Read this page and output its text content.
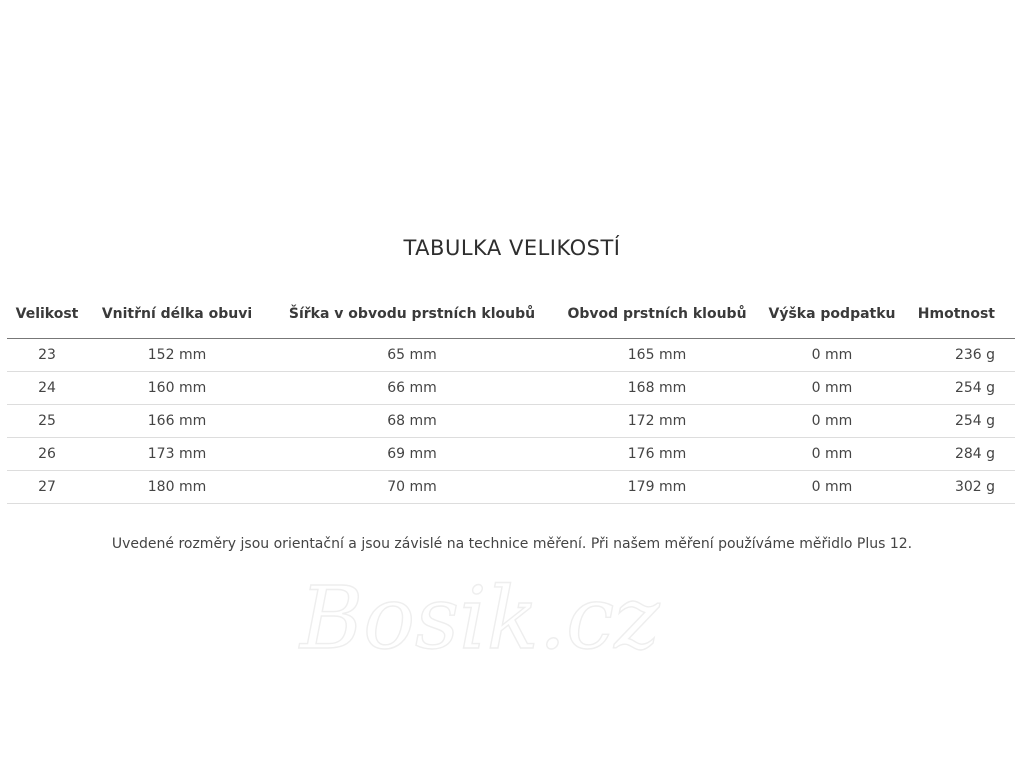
TABULKA VELIKOSTÍ
Velikost	Vnitřní délka obuvi	Šířka v obvodu prstních kloubů	Obvod prstních kloubů	Výška podpatku	Hmotnost
23	152 mm	65 mm	165 mm	0 mm	236 g
24	160 mm	66 mm	168 mm	0 mm	254 g
25	166 mm	68 mm	172 mm	0 mm	254 g
26	173 mm	69 mm	176 mm	0 mm	284 g
27	180 mm	70 mm	179 mm	0 mm	302 g

Uvedené rozměry jsou orientační a jsou závislé na technice měření. Při našem měření používáme měřidlo Plus 12.

Bosik.cz
